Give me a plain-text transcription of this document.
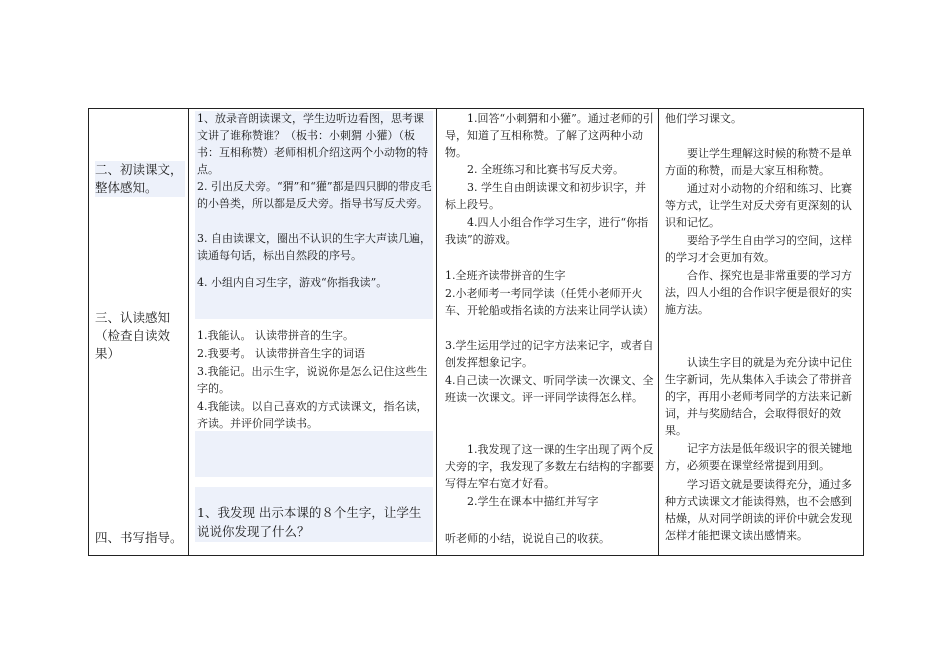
二、初读课文，整体感知。
三、认读感知（检查自读效果）
四、书写指导。
1、放录音朗读课文，学生边听边看图，思考课文讲了谁称赞谁？（板书：小刺猬 小獾）（板书：互相称赞）老师相机介绍这两个小动物的特点。
2. 引出反犬旁。“猬”和“獾”都是四只脚的带皮毛的小兽类，所以都是反犬旁。指导书写反犬旁。
3. 自由读课文，圈出不认识的生字大声读几遍，读通每句话，标出自然段的序号。
4. 小组内自习生字，游戏“你指我读”。
1.我能认。 认读带拼音的生字。
2.我要考。 认读带拼音生字的词语
3.我能记。出示生字，说说你是怎么记住这些生字的。
4.我能读。以自己喜欢的方式读课文，指名读，齐读。并评价同学读书。
1、我发现 出示本课的８个生字，让学生说说你发现了什么？
1.回答“小刺猬和小獾”。通过老师的引导，知道了互相称赞。了解了这两种小动物。
2. 全班练习和比赛书写反犬旁。
3. 学生自由朗读课文和初步识字，并标上段号。
4.四人小组合作学习生字，进行“你指我读”的游戏。
1.全班齐读带拼音的生字
2.小老师考一考同学读（任凭小老师开火车、开轮船或指名读的方法来让同学认读）
3.学生运用学过的记字方法来记字，或者自创发挥想象记字。
4.自己读一次课文、听同学读一次课文、全班读一次课文。评一评同学读得怎么样。
1.我发现了这一课的生字出现了两个反犬旁的字，我发现了多数左右结构的字都要写得左窄右宽才好看。
2.学生在课本中描红并写字
听老师的小结，说说自己的收获。
他们学习课文。
要让学生理解这时候的称赞不是单方面的称赞，而是大家互相称赞。
通过对小动物的介绍和练习、比赛等方式，让学生对反犬旁有更深刻的认识和记忆。
要给予学生自由学习的空间，这样的学习才会更加有效。
合作、探究也是非常重要的学习方法，四人小组的合作识字便是很好的实施方法。
认读生字目的就是为充分读中记住生字新词，先从集体入手读会了带拼音的字，再用小老师考同学的方法来记新词，并与奖励结合，会取得很好的效果。
记字方法是低年级识字的很关键地方，必须要在课堂经常提到用到。
学习语文就是要读得充分，通过多种方式读课文才能读得熟，也不会感到枯燥，从对同学朗读的评价中就会发现怎样才能把课文读出感情来。
